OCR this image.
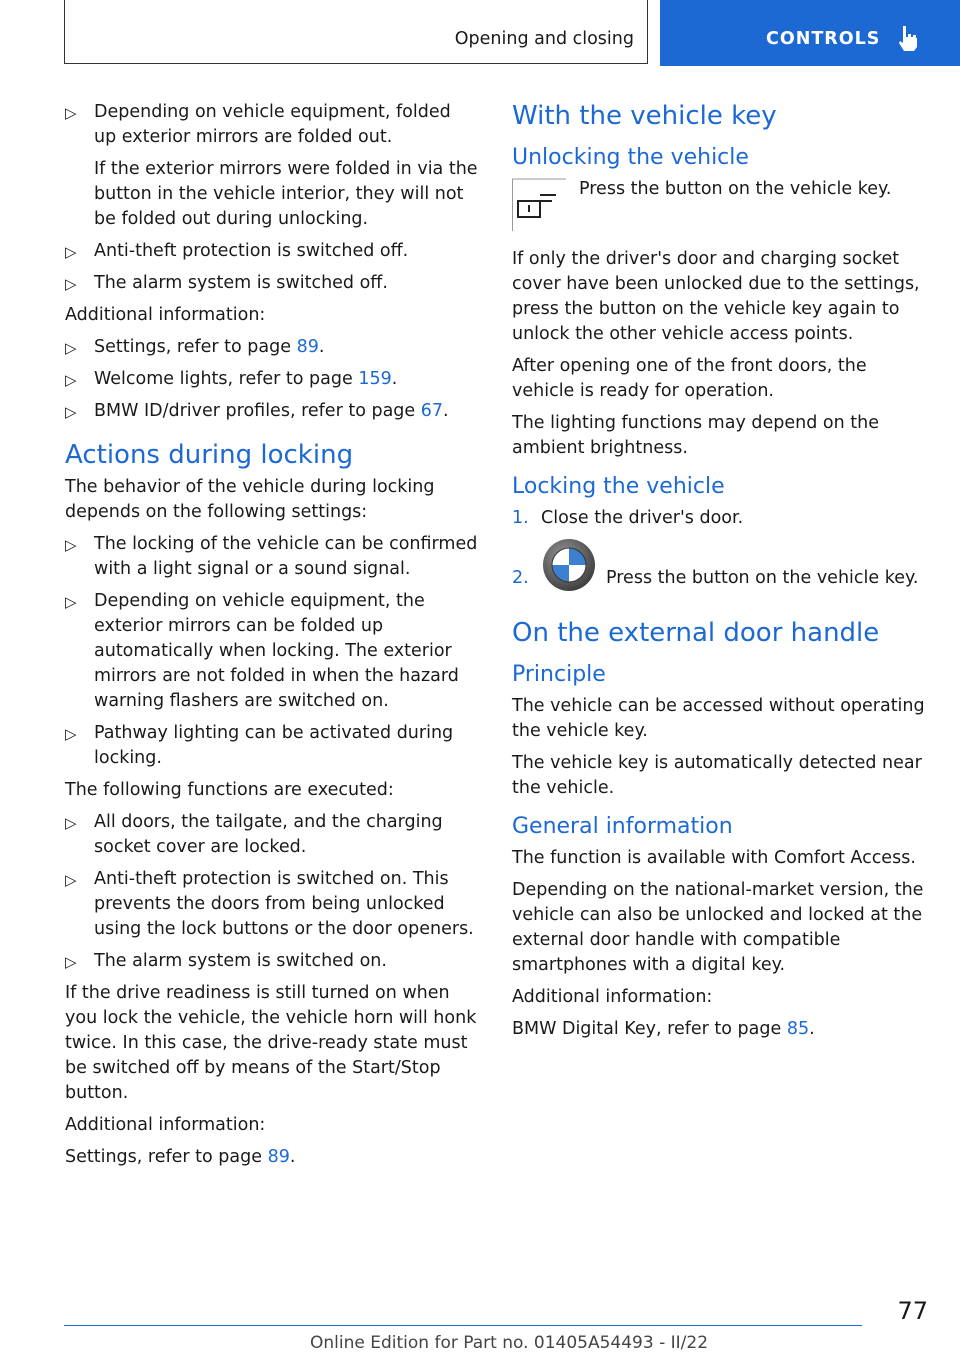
Opening and closing	CONTROLS
▷ Depending on vehicle equipment, folded up exterior mirrors are folded out.

If the exterior mirrors were folded in via the button in the vehicle interior, they will not be folded out during unlocking.

▷ Anti-theft protection is switched off.

▷ The alarm system is switched off.

Additional information:

▷ Settings, refer to page 89.
▷ Welcome lights, refer to page 159.
▷ BMW ID/driver profiles, refer to page 67.
Actions during locking

The behavior of the vehicle during locking depends on the following settings:

▷ The locking of the vehicle can be confirmed with a light signal or a sound signal.
▷ Depending on vehicle equipment, the exterior mirrors can be folded up automatically when locking. The exterior mirrors are not folded in when the hazard warning flashers are switched on.
▷ Pathway lighting can be activated during locking.

The following functions are executed:

▷ All doors, the tailgate, and the charging socket cover are locked.
▷ Anti-theft protection is switched on. This prevents the doors from being unlocked using the lock buttons or the door openers.
▷ The alarm system is switched on.

If the drive readiness is still turned on when you lock the vehicle, the vehicle horn will honk twice. In this case, the drive-ready state must be switched off by means of the Start/Stop button.

Additional information:

Settings, refer to page 89.

With the vehicle key
Unlocking the vehicle
Press the button on the vehicle key.

If only the driver's door and charging socket cover have been unlocked due to the settings, press the button on the vehicle key again to unlock the other vehicle access points.

After opening one of the front doors, the vehicle is ready for operation.

The lighting functions may depend on the ambient brightness.

Locking the vehicle
1. Close the driver's door.
2.	Press the button on the vehicle key.
On the external door handle
Principle

The vehicle can be accessed without operating the vehicle key.

The vehicle key is automatically detected near the vehicle.

General information

The function is available with Comfort Access.

Depending on the national-market version, the vehicle can also be unlocked and locked at the external door handle with compatible smartphones with a digital key.

Additional information:

BMW Digital Key, refer to page 85.

77
Online Edition for Part no. 01405A54493 - II/22
